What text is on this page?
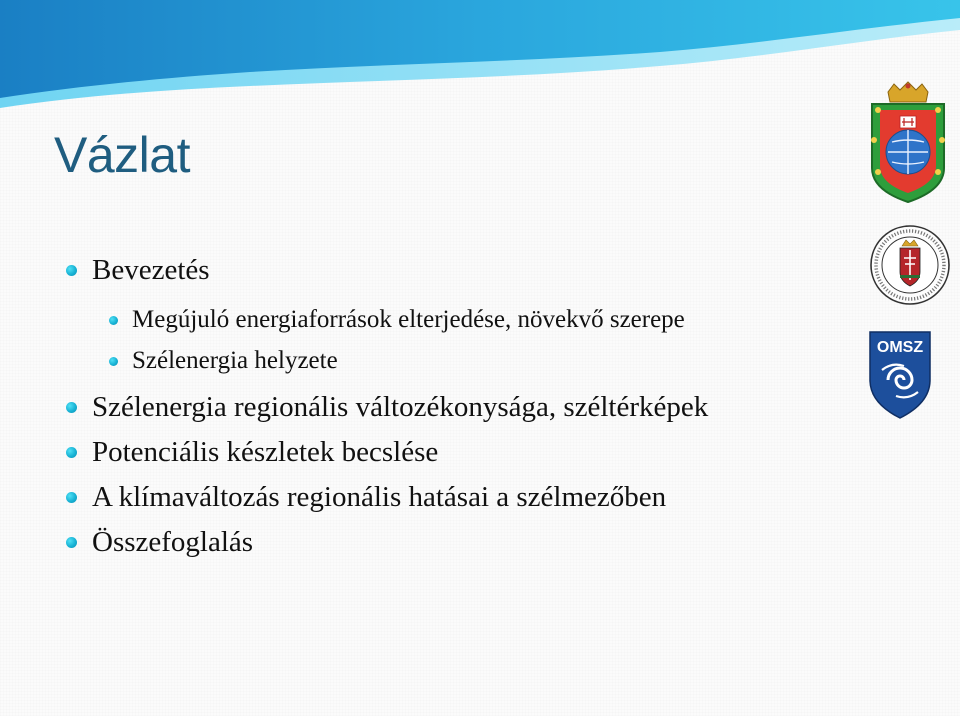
Vázlat
Bevezetés
Megújuló energiaforrások elterjedése, növekvő szerepe
Szélenergia helyzete
Szélenergia regionális változékonysága, széltérképek
Potenciális készletek becslése
A klímaváltozás regionális hatásai a szélmezőben
Összefoglalás
OMSZ
